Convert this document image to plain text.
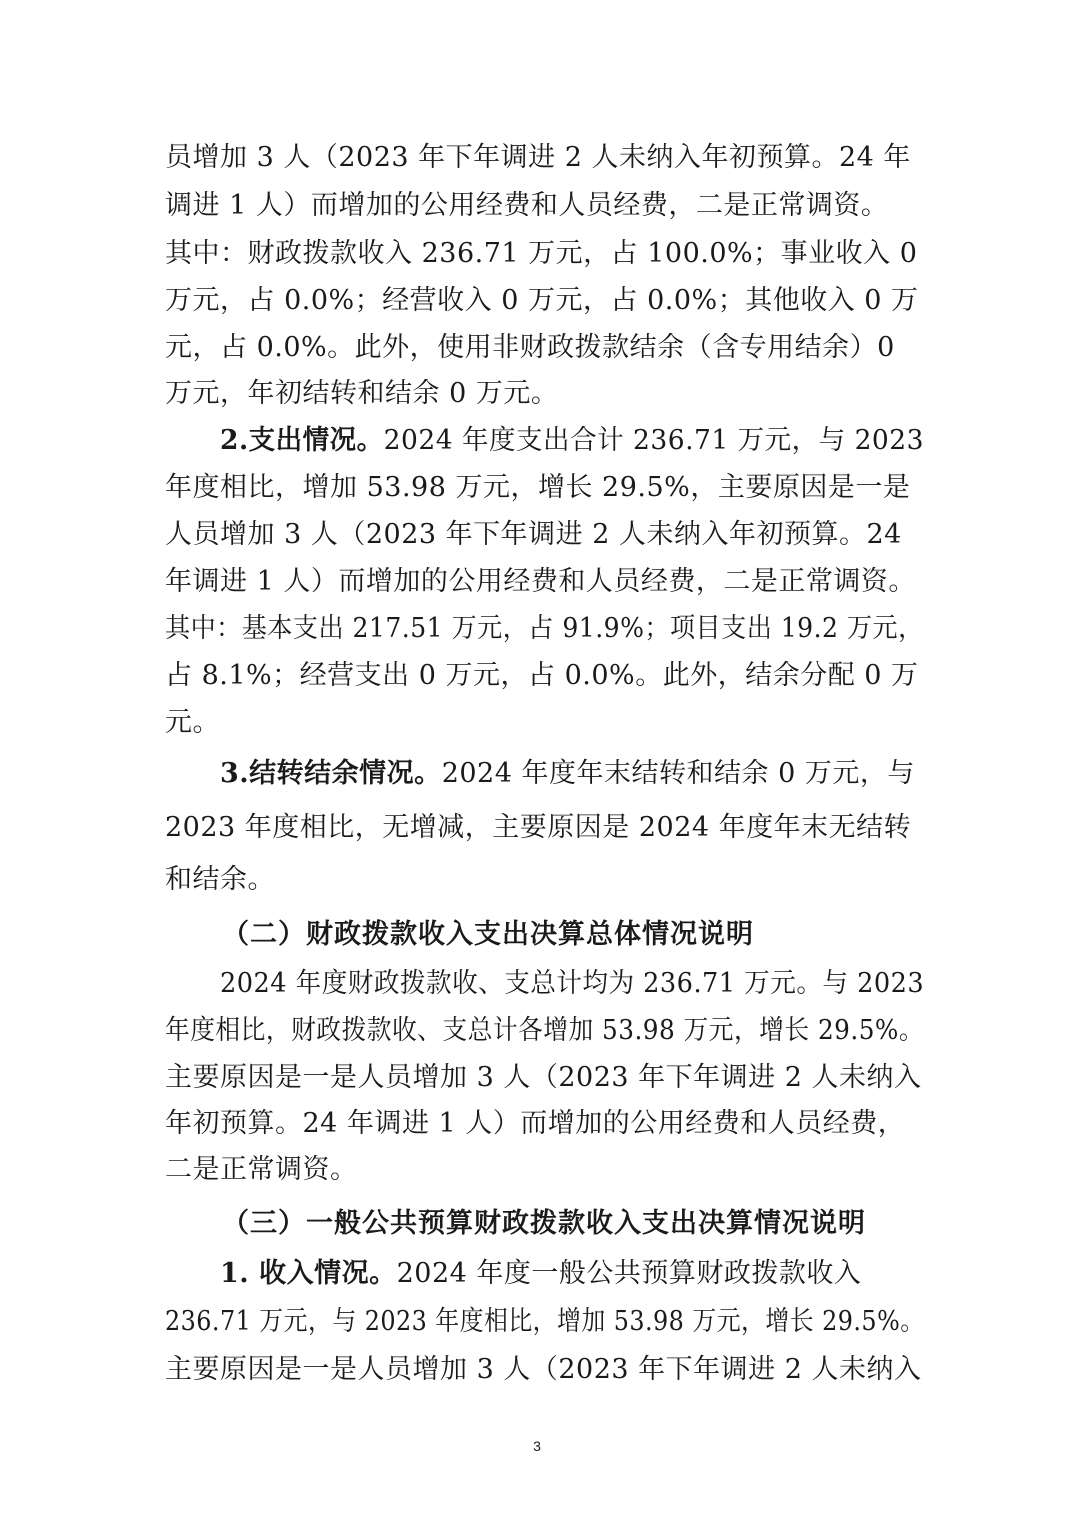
员增加 3 人（2023 年下年调进 2 人未纳入年初预算。24 年
调进 1 人）而增加的公用经费和人员经费，二是正常调资。
其中：财政拨款收入 236.71 万元，占 100.0%；事业收入 0
万元，占 0.0%；经营收入 0 万元，占 0.0%；其他收入 0 万
元，占 0.0%。此外，使用非财政拨款结余（含专用结余）0
万元，年初结转和结余 0 万元。
2.支出情况。2024 年度支出合计 236.71 万元，与 2023
年度相比，增加 53.98 万元，增长 29.5%，主要原因是一是
人员增加 3 人（2023 年下年调进 2 人未纳入年初预算。24
年调进 1 人）而增加的公用经费和人员经费，二是正常调资。
其中：基本支出 217.51 万元，占 91.9%；项目支出 19.2 万元，
占 8.1%；经营支出 0 万元，占 0.0%。此外，结余分配 0 万
元。
3.结转结余情况。2024 年度年末结转和结余 0 万元，与
2023 年度相比，无增减，主要原因是 2024 年度年末无结转
和结余。
（二）财政拨款收入支出决算总体情况说明
2024 年度财政拨款收、支总计均为 236.71 万元。与 2023
年度相比，财政拨款收、支总计各增加 53.98 万元，增长 29.5%。
主要原因是一是人员增加 3 人（2023 年下年调进 2 人未纳入
年初预算。24 年调进 1 人）而增加的公用经费和人员经费，
二是正常调资。
（三）一般公共预算财政拨款收入支出决算情况说明
1. 收入情况。2024 年度一般公共预算财政拨款收入
236.71 万元，与 2023 年度相比，增加 53.98 万元，增长 29.5%。
主要原因是一是人员增加 3 人（2023 年下年调进 2 人未纳入
3
